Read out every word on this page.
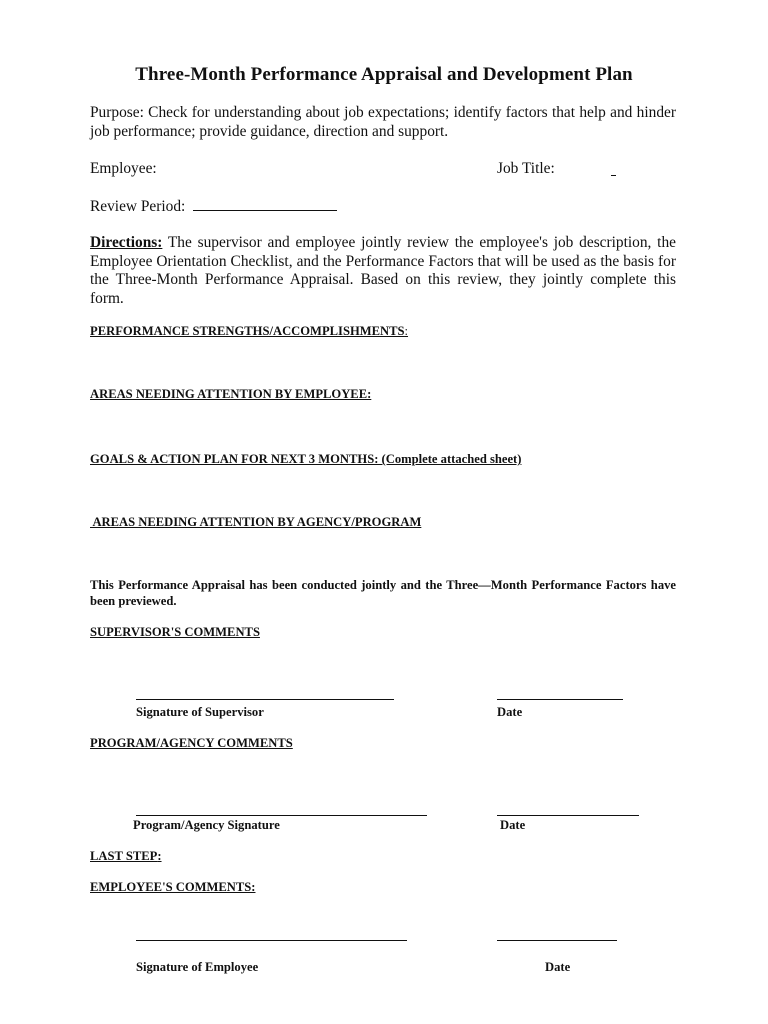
Three-Month Performance Appraisal and Development Plan
Purpose: Check for understanding about job expectations; identify factors that help and hinder job performance; provide guidance, direction and support.
Employee:	Job Title:
Review Period:
Directions: The supervisor and employee jointly review the employee's job description, the Employee Orientation Checklist, and the Performance Factors that will be used as the basis for the Three-Month Performance Appraisal. Based on this review, they jointly complete this form.
PERFORMANCE STRENGTHS/ACCOMPLISHMENTS:
AREAS NEEDING ATTENTION BY EMPLOYEE:
GOALS & ACTION PLAN FOR NEXT 3 MONTHS: (Complete attached sheet)
AREAS NEEDING ATTENTION BY AGENCY/PROGRAM
This Performance Appraisal has been conducted jointly and the Three—Month Performance Factors have been previewed.
SUPERVISOR'S COMMENTS
Signature of Supervisor	Date
PROGRAM/AGENCY COMMENTS
Program/Agency Signature	Date
LAST STEP:
EMPLOYEE'S COMMENTS:
Signature of Employee	Date
